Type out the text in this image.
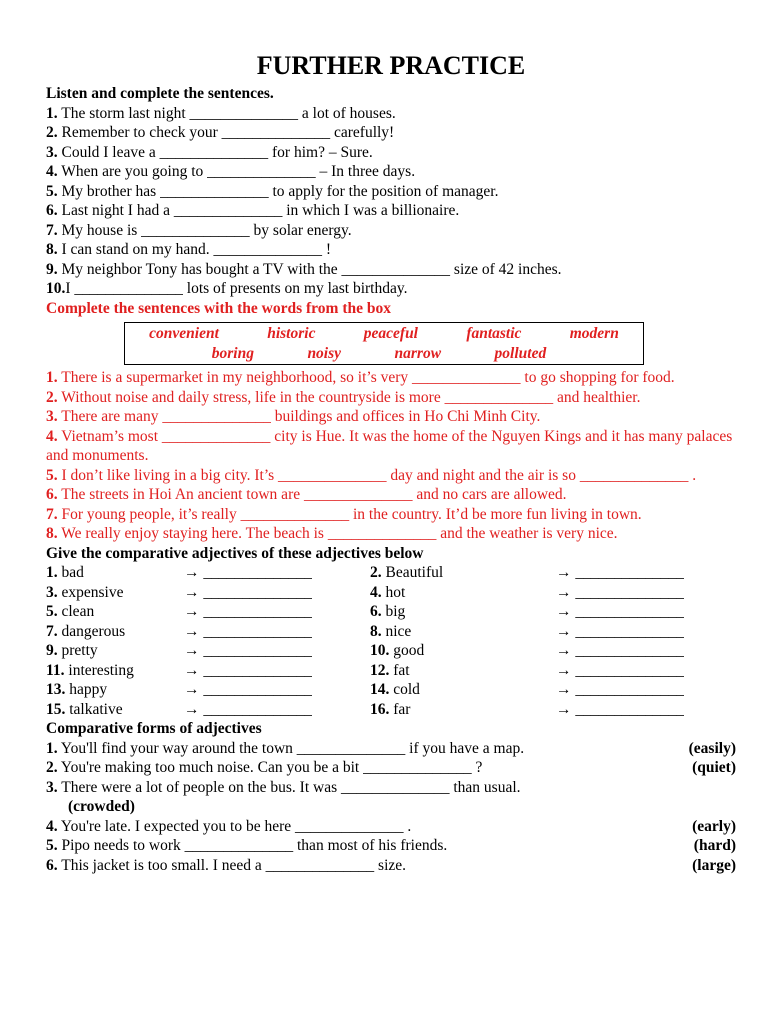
FURTHER PRACTICE
Listen and complete the sentences.
1. The storm last night ______________ a lot of houses.
2. Remember to check your ______________ carefully!
3. Could I leave a ______________ for him? – Sure.
4. When are you going to ______________ – In three days.
5. My brother has ______________ to apply for the position of manager.
6. Last night I had a ______________ in which I was a billionaire.
7. My house is ______________ by solar energy.
8. I can stand on my hand. ______________ !
9. My neighbor Tony has bought a TV with the ______________ size of 42 inches.
10.I ______________ lots of presents on my last birthday.
Complete the sentences with the words from the box
convenient	historic	peaceful	fantastic	modern
boring	noisy	narrow	polluted
1. There is a supermarket in my neighborhood, so it’s very ______________ to go shopping for food.
2. Without noise and daily stress, life in the countryside is more ______________ and healthier.
3. There are many ______________ buildings and offices in Ho Chi Minh City.
4. Vietnam’s most ______________ city is Hue. It was the home of the Nguyen Kings and it has many palaces and monuments.
5. I don’t like living in a big city. It’s ______________ day and night and the air is so ______________ .
6. The streets in Hoi An ancient town are ______________ and no cars are allowed.
7. For young people, it’s really ______________ in the country. It’d be more fun living in town.
8. We really enjoy staying here. The beach is ______________ and the weather is very nice.
Give the comparative adjectives of these adjectives below
1. bad	→ ______________	2. Beautiful	→ ______________
3. expensive	→ ______________	4. hot	→ ______________
5. clean	→ ______________	6. big	→ ______________
7. dangerous	→ ______________	8. nice	→ ______________
9. pretty	→ ______________	10. good	→ ______________
11. interesting	→ ______________	12. fat	→ ______________
13. happy	→ ______________	14. cold	→ ______________
15. talkative	→ ______________	16. far	→ ______________
Comparative forms of adjectives
1. You'll find your way around the town ______________ if you have a map.	(easily)
2. You're making too much noise. Can you be a bit ______________ ?	(quiet)
3. There were a lot of people on the bus. It was ______________ than usual.
(crowded)
4. You're late. I expected you to be here ______________ .	(early)
5. Pipo needs to work ______________ than most of his friends.	(hard)
6. This jacket is too small. I need a ______________ size.	(large)
